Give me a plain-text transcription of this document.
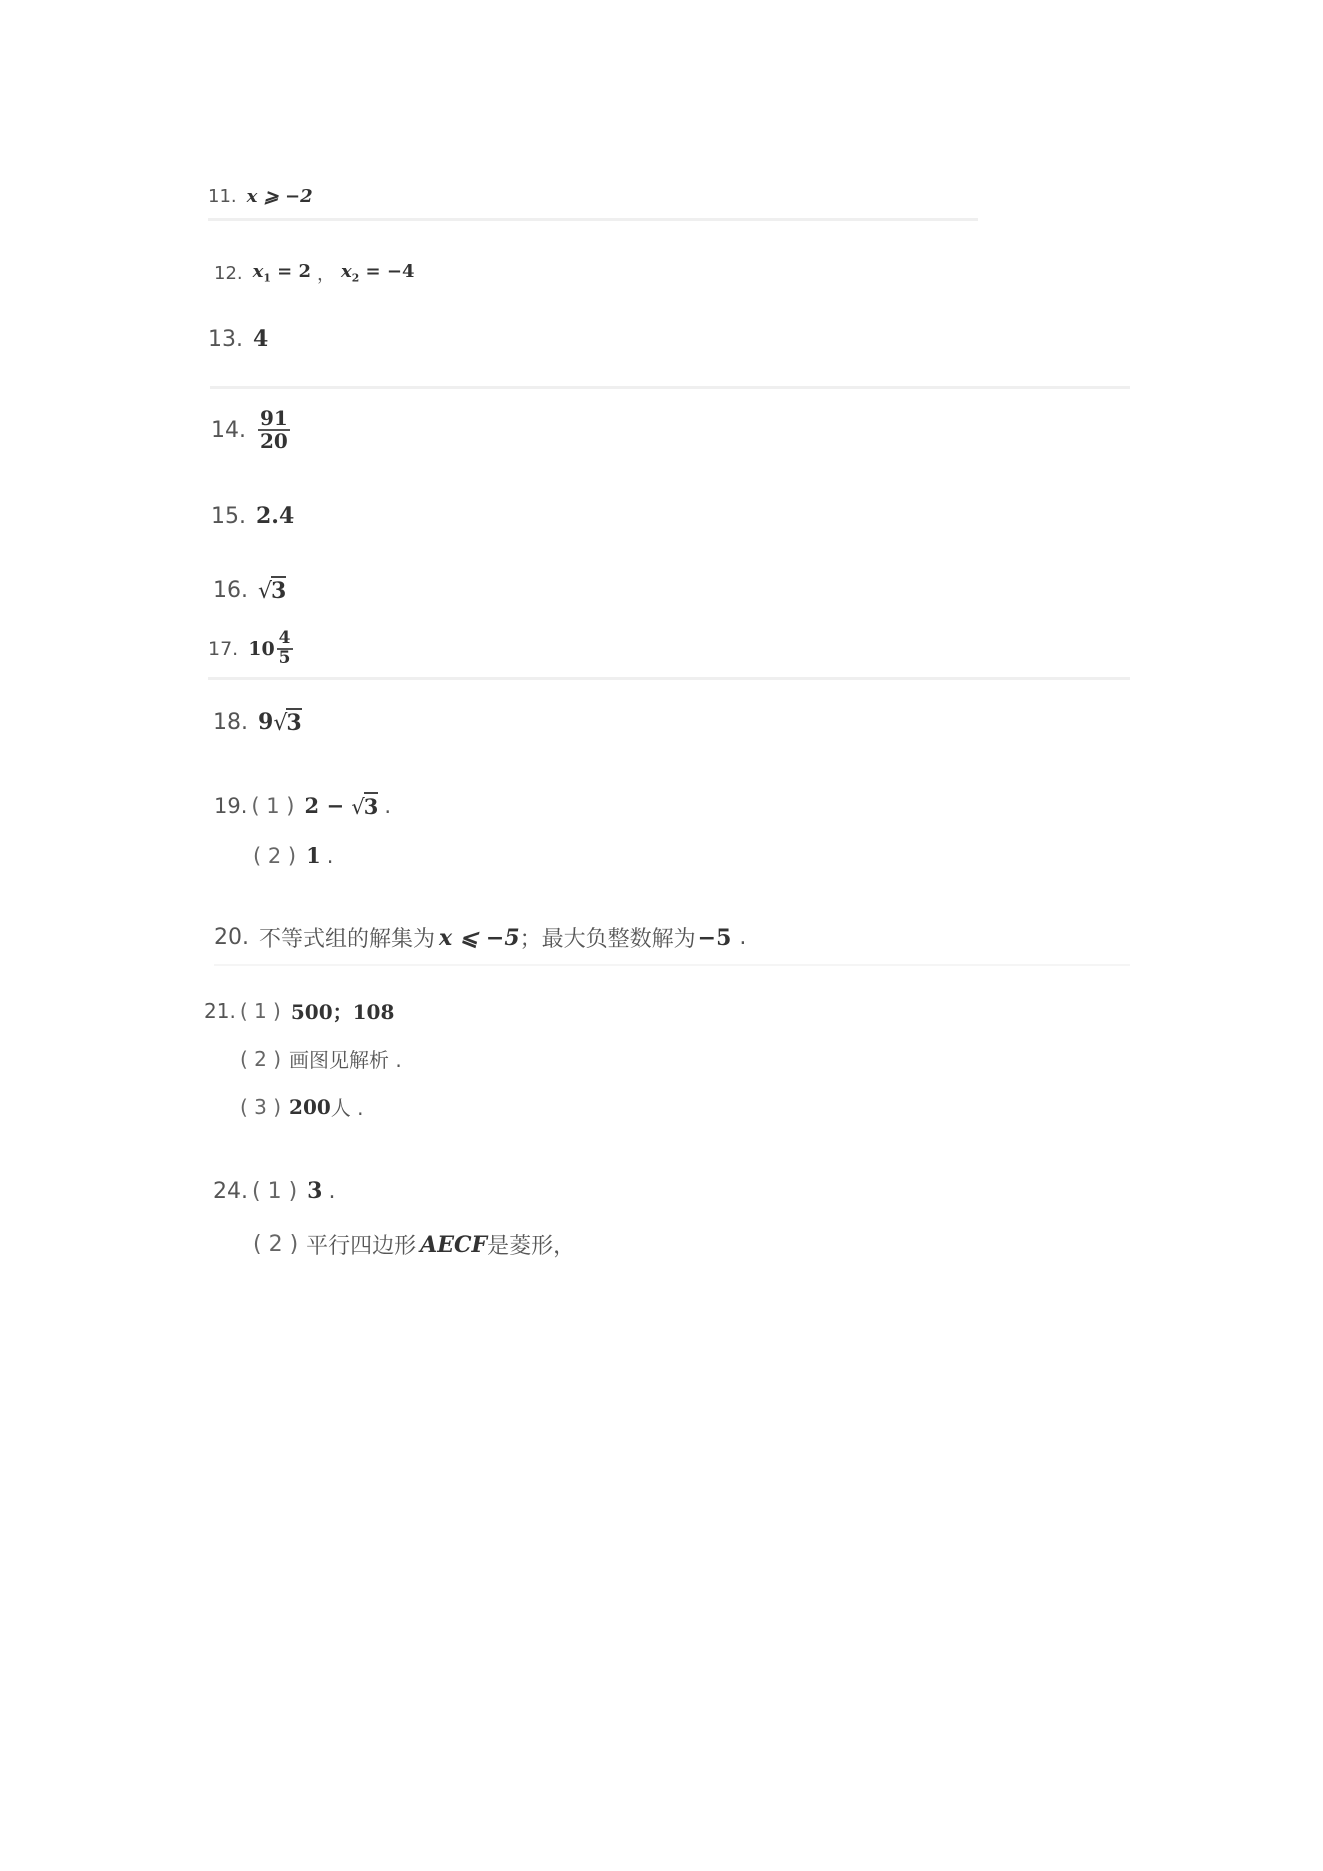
11. x ⩾ −2
12. $x_1 = 2$ ， $x_2 = -4$
13. 4
14. $\frac{91}{20}$
15. 2.4
16. √ 3
17. $10 \frac{4}{5}$
18. 9 √ 3
19. ( 1 ) 2 − √ 3 .
( 2 ) 1 .
20. 不等式组的解集为 x ⩽ −5 ；最大负整数解为 −5 .
21. ( 1 ) 500；108
( 2 ) 画图见解析 .
( 3 ) 200 人 .
24. ( 1 ) 3 .
( 2 ) 平行四边形 AECF 是菱形，
